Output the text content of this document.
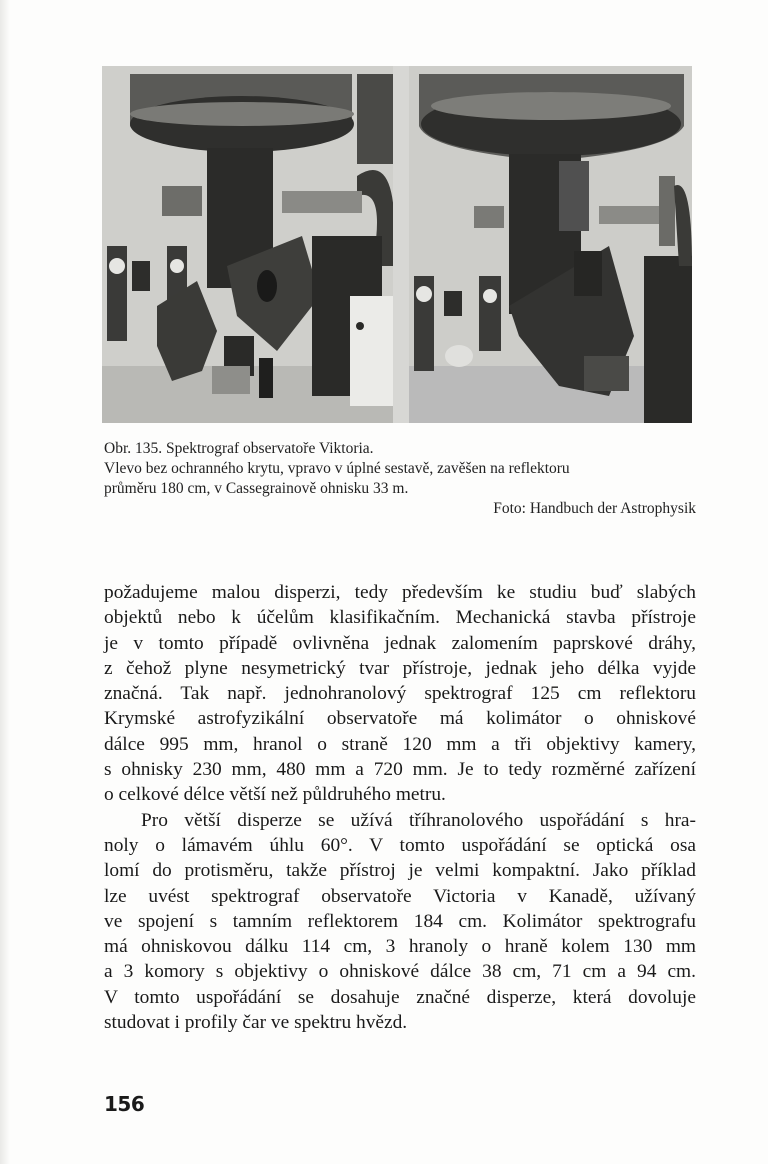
Obr. 135. Spektrograf observatoře Viktoria.

Vlevo bez ochranného krytu, vpravo v úplné sestavě, zavěšen na reflektoru

průměru 180 cm, v Cassegrainově ohnisku 33 m.

Foto: Handbuch der Astrophysik

požadujeme malou disperzi, tedy především ke studiu buď slabých
objektů nebo k účelům klasifikačním. Mechanická stavba přístroje
je v tomto případě ovlivněna jednak zalomením paprskové dráhy,
z čehož plyne nesymetrický tvar přístroje, jednak jeho délka vyjde
značná. Tak např. jednohranolový spektrograf 125 cm reflektoru
Krymské astrofyzikální observatoře má kolimátor o ohniskové
dálce 995 mm, hranol o straně 120 mm a tři objektivy kamery,
s ohnisky 230 mm, 480 mm a 720 mm. Je to tedy rozměrné zařízení
o celkové délce větší než půldruhého metru.

Pro větší disperze se užívá tříhranolového uspořádání s hra-
noly o lámavém úhlu 60°. V tomto uspořádání se optická osa
lomí do protisměru, takže přístroj je velmi kompaktní. Jako příklad
lze uvést spektrograf observatoře Victoria v Kanadě, užívaný
ve spojení s tamním reflektorem 184 cm. Kolimátor spektrografu
má ohniskovou dálku 114 cm, 3 hranoly o hraně kolem 130 mm
a 3 komory s objektivy o ohniskové dálce 38 cm, 71 cm a 94 cm.
V tomto uspořádání se dosahuje značné disperze, která dovoluje
studovat i profily čar ve spektru hvězd.

156
